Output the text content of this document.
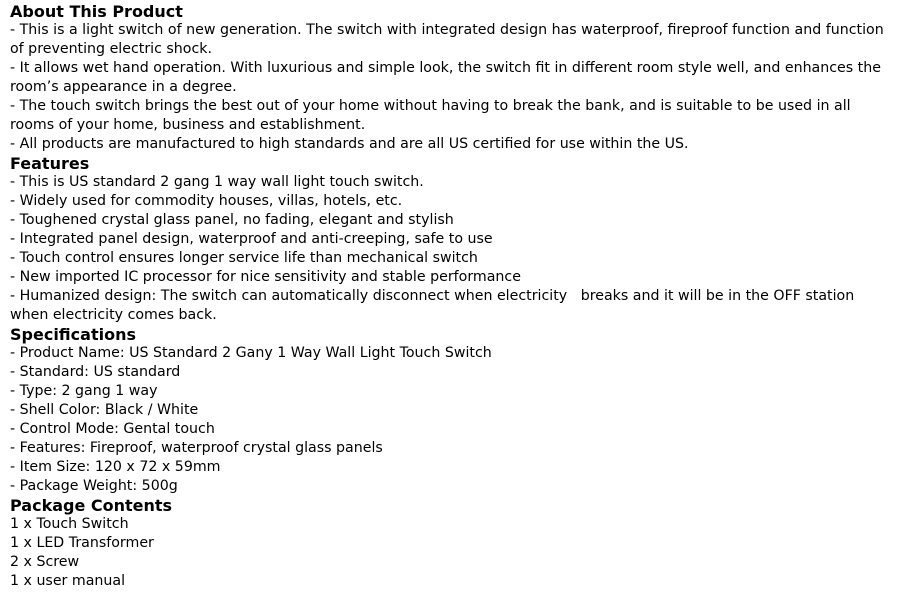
About This Product

- This is a light switch of new generation. The switch with integrated design has waterproof, fireproof function and function of preventing electric shock.

- It allows wet hand operation. With luxurious and simple look, the switch fit in different room style well, and enhances the room’s appearance in a degree.

- The touch switch brings the best out of your home without having to break the bank, and is suitable to be used in all rooms of your home, business and establishment.

- All products are manufactured to high standards and are all US certified for use within the US.

Features

- This is US standard 2 gang 1 way wall light touch switch.

- Widely used for commodity houses, villas, hotels, etc.

- Toughened crystal glass panel, no fading, elegant and stylish

- Integrated panel design, waterproof and anti-creeping, safe to use

- Touch control ensures longer service life than mechanical switch

- New imported IC processor for nice sensitivity and stable performance

- Humanized design: The switch can automatically disconnect when electricity   breaks and it will be in the OFF station when electricity comes back.

Specifications

- Product Name: US Standard 2 Gany 1 Way Wall Light Touch Switch

- Standard: US standard

- Type: 2 gang 1 way

- Shell Color: Black / White

- Control Mode: Gental touch

- Features: Fireproof, waterproof crystal glass panels

- Item Size: 120 x 72 x 59mm

- Package Weight: 500g

Package Contents

1 x Touch Switch

1 x LED Transformer

2 x Screw

1 x user manual
